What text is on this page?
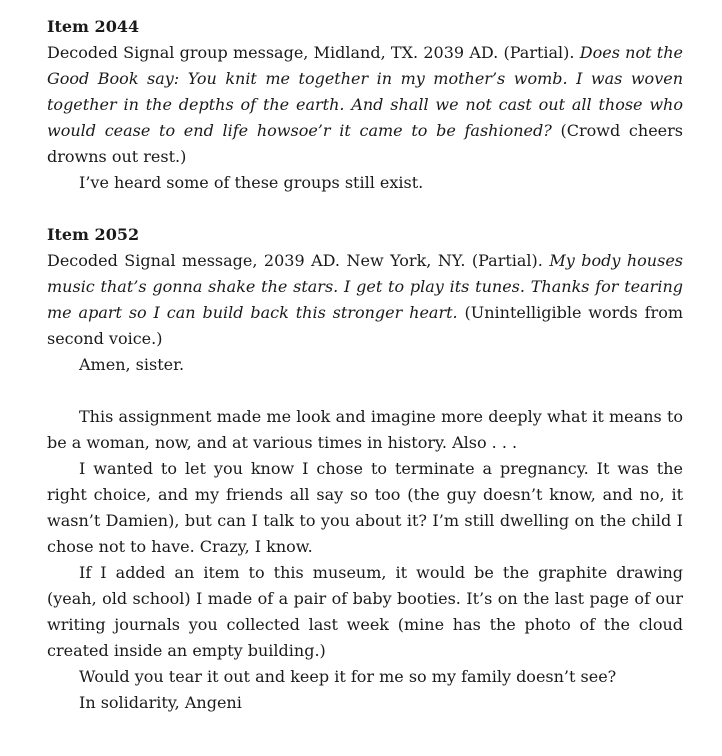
Item 2044

Decoded Signal group message, Midland, TX. 2039 AD. (Partial). Does not the Good Book say: You knit me together in my mother’s womb. I was woven together in the depths of the earth. And shall we not cast out all those who would cease to end life howsoe’r it came to be fashioned? (Crowd cheers drowns out rest.)

I’ve heard some of these groups still exist.

Item 2052

Decoded Signal message, 2039 AD. New York, NY. (Partial). My body houses music that’s gonna shake the stars. I get to play its tunes. Thanks for tearing me apart so I can build back this stronger heart. (Unintelligible words from second voice.)

Amen, sister.

This assignment made me look and imagine more deeply what it means to be a woman, now, and at various times in history. Also . . .

I wanted to let you know I chose to terminate a pregnancy. It was the right choice, and my friends all say so too (the guy doesn’t know, and no, it wasn’t Damien), but can I talk to you about it? I’m still dwelling on the child I chose not to have. Crazy, I know.

If I added an item to this museum, it would be the graphite drawing (yeah, old school) I made of a pair of baby booties. It’s on the last page of our writing journals you collected last week (mine has the photo of the cloud created inside an empty building.)

Would you tear it out and keep it for me so my family doesn’t see?

In solidarity, Angeni
